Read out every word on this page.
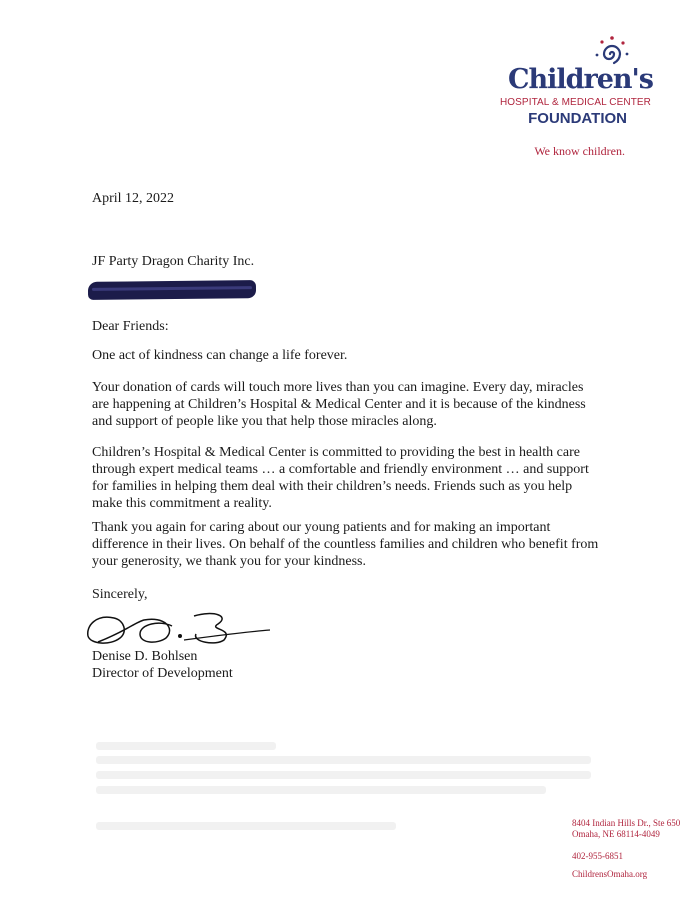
Children's
HOSPITAL & MEDICAL CENTER
FOUNDATION
We know children.
April 12, 2022
JF Party Dragon Charity Inc.
Dear Friends:
One act of kindness can change a life forever.
Your donation of cards will touch more lives than you can imagine. Every day, miracles are happening at Children’s Hospital & Medical Center and it is because of the kindness and support of people like you that help those miracles along.
Children’s Hospital & Medical Center is committed to providing the best in health care through expert medical teams … a comfortable and friendly environment … and support for families in helping them deal with their children’s needs. Friends such as you help make this commitment a reality.
Thank you again for caring about our young patients and for making an important difference in their lives. On behalf of the countless families and children who benefit from your generosity, we thank you for your kindness.
Sincerely,
Denise D. Bohlsen
Director of Development
8404 Indian Hills Dr., Ste 650
Omaha, NE 68114-4049
402-955-6851
ChildrensOmaha.org
